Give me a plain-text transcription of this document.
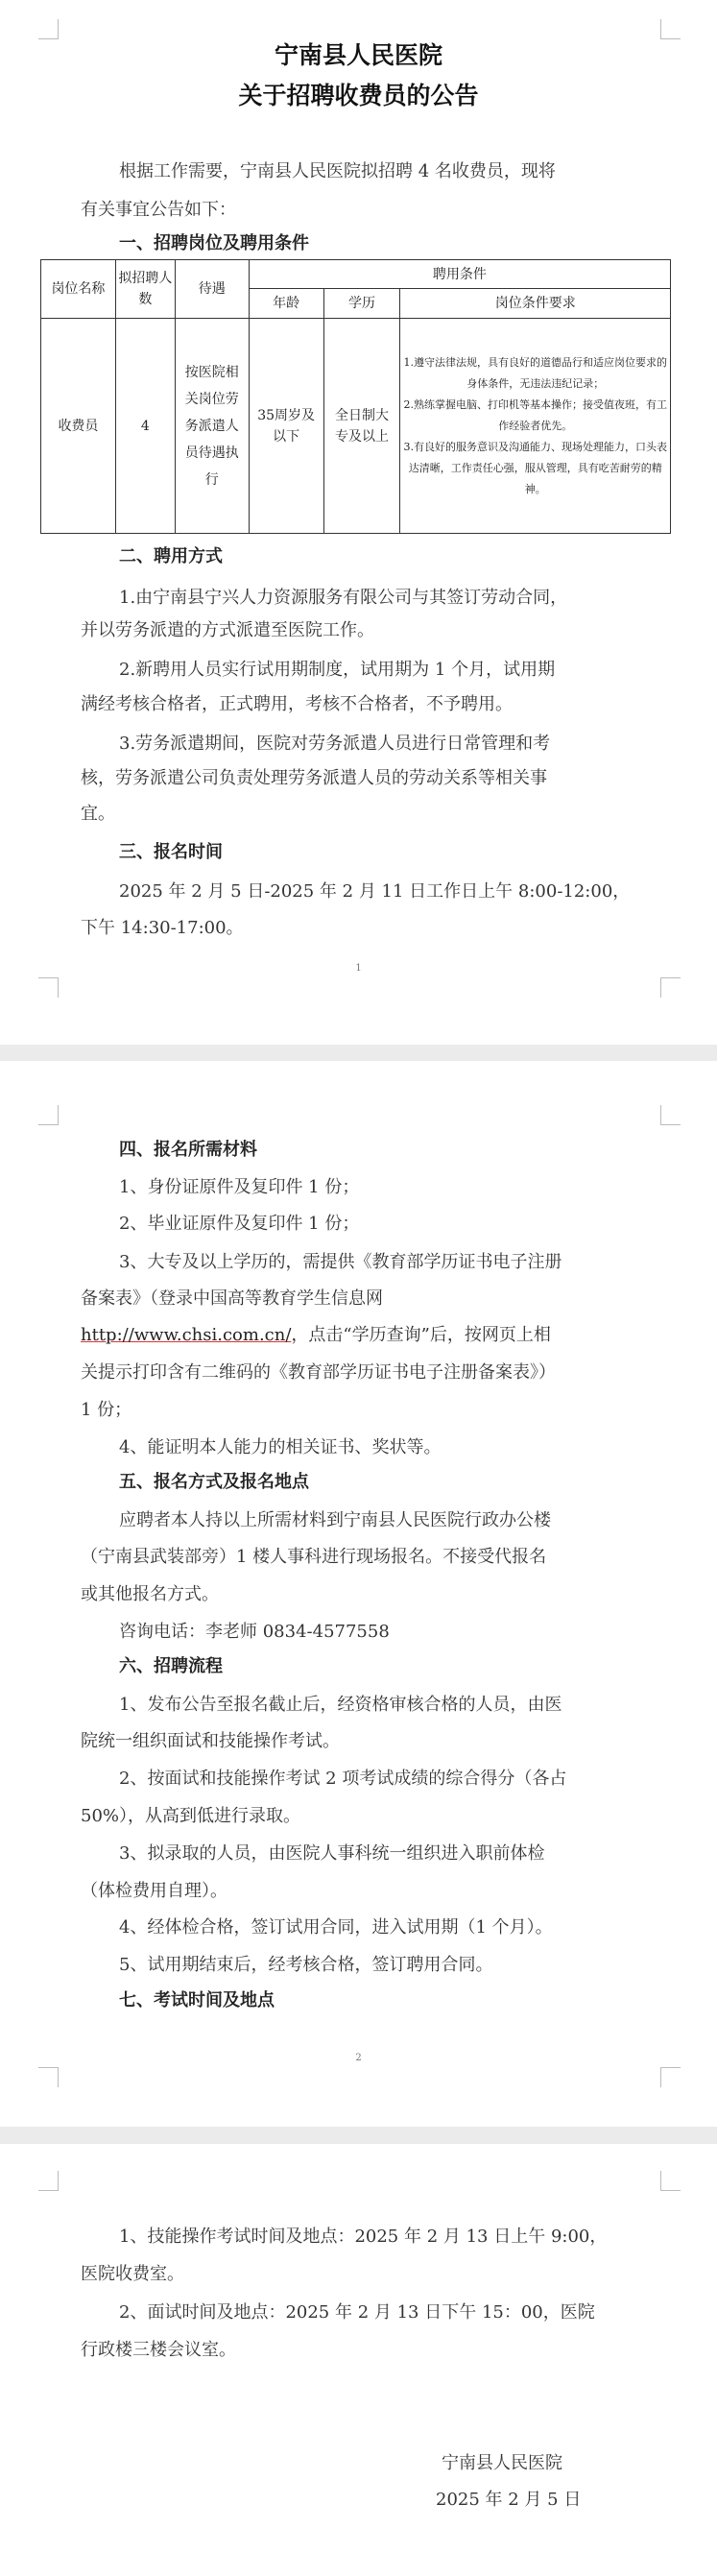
宁南县人民医院
关于招聘收费员的公告
根据工作需要，宁南县人民医院拟招聘 4 名收费员，现将
有关事宜公告如下：
一、招聘岗位及聘用条件
岗位名称	拟招聘人数	待遇	聘用条件		
			年龄	学历	岗位条件要求
收费员	4	按医院相关岗位劳务派遣人员待遇执行	35周岁及以下	全日制大专及以上	1.遵守法律法规，具有良好的道德品行和适应岗位要求的身体条件，无违法违纪记录；
2.熟练掌握电脑、打印机等基本操作；接受值夜班，有工作经验者优先。
3.有良好的服务意识及沟通能力、现场处理能力，口头表达清晰，工作责任心强，服从管理，具有吃苦耐劳的精神。
二、聘用方式
1.由宁南县宁兴人力资源服务有限公司与其签订劳动合同，
并以劳务派遣的方式派遣至医院工作。
2.新聘用人员实行试用期制度，试用期为 1 个月，试用期
满经考核合格者，正式聘用，考核不合格者，不予聘用。
3.劳务派遣期间，医院对劳务派遣人员进行日常管理和考
核，劳务派遣公司负责处理劳务派遣人员的劳动关系等相关事
宜。
三、报名时间
2025 年 2 月 5 日-2025 年 2 月 11 日工作日上午 8:00-12:00，
下午 14:30-17:00。
1
四、报名所需材料
1、身份证原件及复印件 1 份；
2、毕业证原件及复印件 1 份；
3、大专及以上学历的，需提供《教育部学历证书电子注册
备案表》（登录中国高等教育学生信息网
http://www.chsi.com.cn/，点击“学历查询”后，按网页上相
关提示打印含有二维码的《教育部学历证书电子注册备案表》）
1 份；
4、能证明本人能力的相关证书、奖状等。
五、报名方式及报名地点
应聘者本人持以上所需材料到宁南县人民医院行政办公楼
（宁南县武装部旁）1 楼人事科进行现场报名。不接受代报名
或其他报名方式。
咨询电话：李老师 0834-4577558
六、招聘流程
1、发布公告至报名截止后，经资格审核合格的人员，由医
院统一组织面试和技能操作考试。
2、按面试和技能操作考试 2 项考试成绩的综合得分（各占
50%），从高到低进行录取。
3、拟录取的人员，由医院人事科统一组织进入职前体检
（体检费用自理）。
4、经体检合格，签订试用合同，进入试用期（1 个月）。
5、试用期结束后，经考核合格，签订聘用合同。
七、考试时间及地点
2
1、技能操作考试时间及地点：2025 年 2 月 13 日上午 9:00，
医院收费室。
2、面试时间及地点：2025 年 2 月 13 日下午 15：00，医院
行政楼三楼会议室。
宁南县人民医院
2025 年 2 月 5 日
